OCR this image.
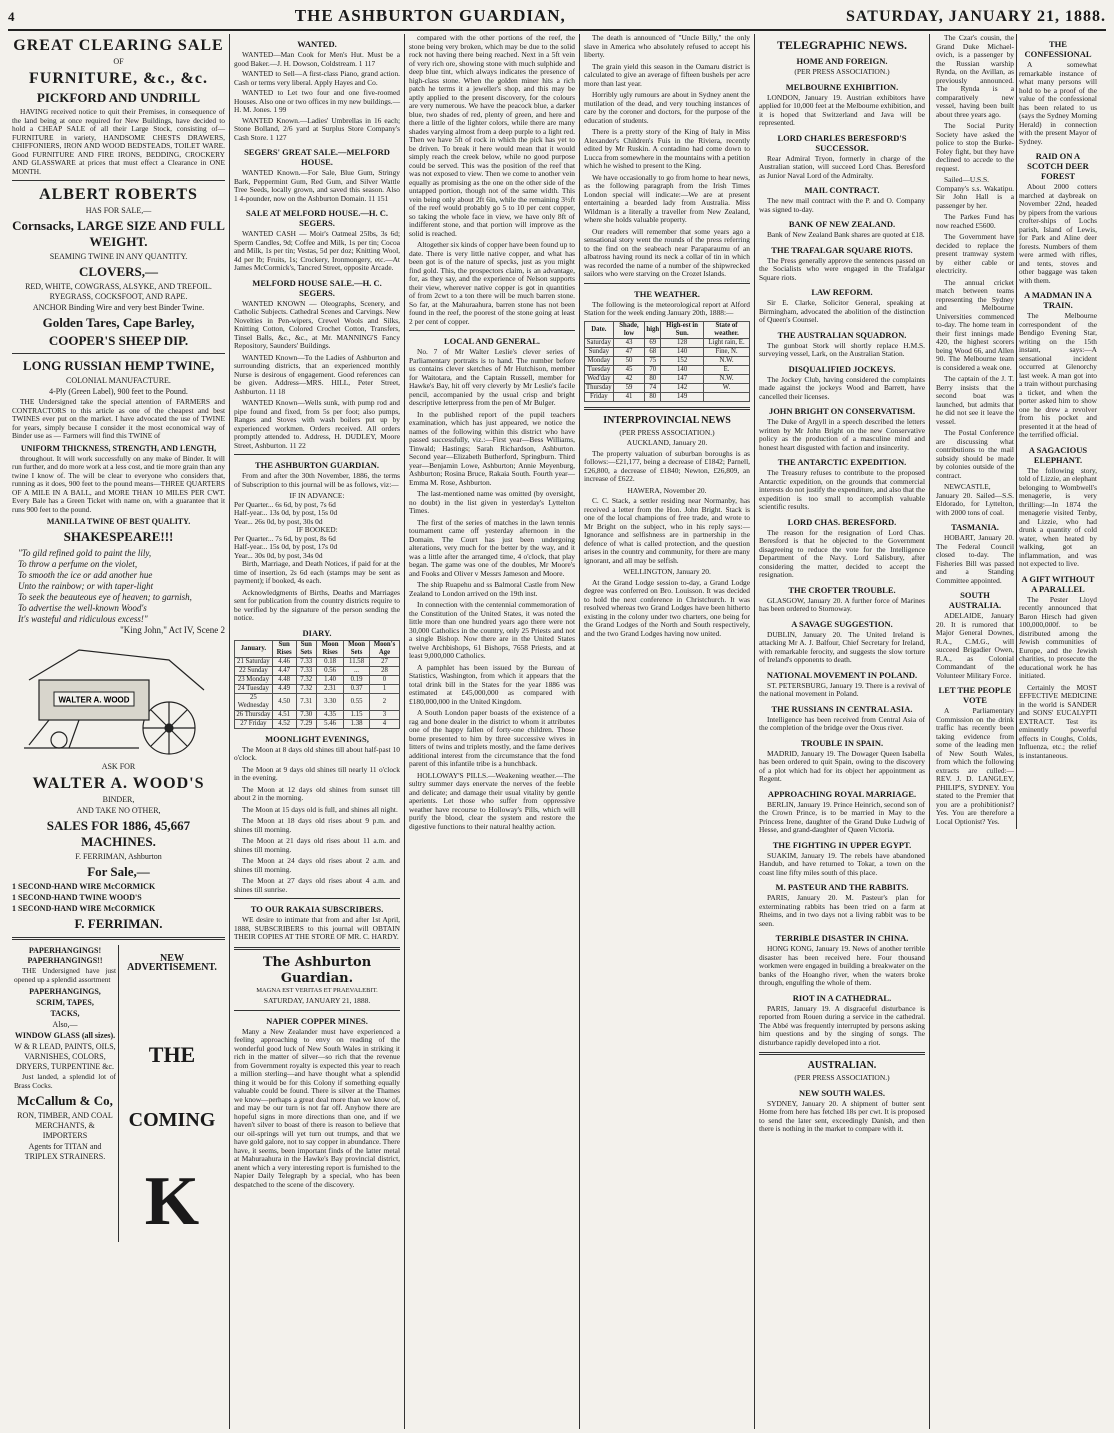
4	THE ASHBURTON GUARDIAN,	SATURDAY, JANUARY 21, 1888.
GREAT CLEARING SALE
OF
FURNITURE, &c., &c.
PICKFORD AND UNDRILL

HAVING received notice to quit their Premises, in consequence of the land being at once required for New Buildings, have decided to hold a CHEAP SALE of all their Large Stock, consisting of— FURNITURE in variety, HANDSOME CHESTS DRAWERS, CHIFFONIERS, IRON AND WOOD BEDSTEADS, TOILET WARE. Good FURNITURE AND FIRE IRONS, BEDDING, CROCKERY AND GLASSWARE at prices that must effect a Clearance in ONE MONTH.

ALBERT ROBERTS
HAS FOR SALE,—
Cornsacks, LARGE SIZE AND FULL WEIGHT.
SEAMING TWINE IN ANY QUANTITY.
CLOVERS,—
RED, WHITE, COWGRASS, ALSYKE, AND TREFOIL. RYEGRASS, COCKSFOOT, AND RAPE.
ANCHOR Binding Wire and very best Binder Twine.
Golden Tares, Cape Barley,
COOPER'S SHEEP DIP.
LONG RUSSIAN HEMP TWINE,
COLONIAL MANUFACTURE.
4-Ply (Green Label), 900 feet to the Pound.

THE Undersigned take the special attention of FARMERS and CONTRACTORS to this article as one of the cheapest and best TWINES ever put on the market. I have advocated the use of TWINE for years, simply because I consider it the most economical way of Binder use as — Farmers will find this TWINE of

UNIFORM THICKNESS, STRENGTH, AND LENGTH,

throughout. It will work successfully on any make of Binder. It will run further, and do more work at a less cost, and tie more grain than any twine I know of. The will be clear to everyone who considers that, running as it does, 900 feet to the pound means—THREE QUARTERS OF A MILE IN A BALL, and MORE THAN 10 MILES PER CWT. Every Bale has a Green Ticket with name on, with a guarantee that it runs 900 feet to the pound.

MANILLA TWINE OF BEST QUALITY.
SHAKESPEARE!!!
"To gild refined gold to paint the lily,
To throw a perfume on the violet,
To smooth the ice or add another hue
Unto the rainbow; or with taper-light
To seek the beauteous eye of heaven; to garnish,
To advertise the well-known Wood's
It's wasteful and ridiculous excess!"
"King John," Act IV, Scene 2
WALTER A. WOOD
ASK FOR
WALTER A. WOOD'S
BINDER,
AND TAKE NO OTHER,
SALES FOR 1886, 45,667 MACHINES.
F. FERRIMAN, Ashburton
For Sale,—
1 SECOND-HAND WIRE McCORMICK
1 SECOND-HAND TWINE WOOD'S
1 SECOND-HAND WIRE McCORMICK
F. FERRIMAN.
PAPERHANGINGS! PAPERHANGINGS!!

THE Undersigned have just opened up a splendid assortment

PAPERHANGINGS,
SCRIM, TAPES,
TACKS,
Also,—
WINDOW GLASS (all sizes).
W & R LEAD, PAINTS, OILS, VARNISHES, COLORS, DRYERS, TURPENTINE &c.

Just landed, a splendid lot of Brass Cocks.

McCallum & Co,
RON, TIMBER, AND COAL MERCHANTS, & IMPORTERS
Agents for TITAN and TRIPLEX STRAINERS.
NEW ADVERTISEMENT.
THE
COMING
K
WANTED.

WANTED—Man Cook for Men's Hut. Must be a good Baker.—J. H. Dowson, Coldstream. 1 117

WANTED to Sell—A first-class Piano, grand action. Cash or terms very liberal. Apply Hayes and Co.

WANTED to Let two four and one five-roomed Houses. Also one or two offices in my new buildings.—H. M. Jones. 1 99

WANTED Known.—Ladies' Umbrellas in 16 each; Stone Bolland, 2/6 yard at Surplus Store Company's Cash Store. 1 127

SEGERS' GREAT SALE.—MELFORD HOUSE.

WANTED Known.—For Sale, Blue Gum, Stringy Bark, Peppermint Gum, Red Gum, and Silver Wattle Tree Seeds, locally grown, and saved this season. Also 1 4-pounder, now on the Ashburton Domain. 11 151

SALE AT MELFORD HOUSE.—H. C. SEGERS.

WANTED CASH — Moir's Oatmeal 25lbs, 3s 6d; Sperm Candles, 9d; Coffee and Milk, 1s per tin; Cocoa and Milk, 1s per tin; Vestas, 5d per doz; Knitting Wool, 4d per lb; Fruits, 1s; Crockery, Ironmongery, etc.—At James McCormick's, Tancred Street, opposite Arcade.

MELFORD HOUSE SALE.—H. C. SEGERS.

WANTED KNOWN — Oleographs, Scenery, and Catholic Subjects. Cathedral Scenes and Carvings. New Novelties in Pen-wipers, Crewel Wools and Silks, Knitting Cotton, Colored Crochet Cotton, Transfers, Tinsel Balls, &c., &c., at Mr. MANNING'S Fancy Repository, Saunders' Buildings.

WANTED Known—To the Ladies of Ashburton and surrounding districts, that an experienced monthly Nurse is desirous of engagement. Good references can be given. Address—MRS. HILL, Peter Street, Ashburton. 11 18

WANTED Known—Wells sunk, with pump rod and pipe found and fixed, from 5s per foot; also pumps, Ranges and Stoves with wash boilers put up by experienced workmen. Orders received. All orders promptly attended to. Address, H. DUDLEY, Moore Street, Ashburton. 11 22

THE ASHBURTON GUARDIAN.

From and after the 30th November, 1886, the terms of Subscription to this journal will be as follows, viz:—

IF IN ADVANCE:
Per Quarter... 6s 6d, by post, 7s 6d
Half-year... 13s 0d, by post, 15s 0d
Year... 26s 0d, by post, 30s 0d
IF BOOKED:
Per Quarter... 7s 6d, by post, 8s 6d
Half-year... 15s 0d, by post, 17s 0d
Year... 30s 0d, by post, 34s 0d

Birth, Marriage, and Death Notices, if paid for at the time of insertion, 2s 6d each (stamps may be sent as payment); if booked, 4s each.

Acknowledgments of Births, Deaths and Marriages sent for publication from the country districts require to be verified by the signature of the person sending the notice.

DIARY.
January.	Sun Rises	Sun Sets	Moon Rises	Moon Sets	Moon's Age
21 Saturday	4.46	7.33	0.18	11.58	27
22 Sunday	4.47	7.33	0.56	...	28
23 Monday	4.48	7.32	1.40	0.19	0
24 Tuesday	4.49	7.32	2.31	0.37	1
25 Wednesday	4.50	7.31	3.30	0.55	2
26 Thursday	4.51	7.30	4.35	1.15	3
27 Friday	4.52	7.29	5.46	1.38	4
MOONLIGHT EVENINGS,

The Moon at 8 days old shines till about half-past 10 o'clock.

The Moon at 9 days old shines till nearly 11 o'clock in the evening.

The Moon at 12 days old shines from sunset till about 2 in the morning.

The Moon at 15 days old is full, and shines all night.

The Moon at 18 days old rises about 9 p.m. and shines till morning.

The Moon at 21 days old rises about 11 a.m. and shines till morning.

The Moon at 24 days old rises about 2 a.m. and shines till morning.

The Moon at 27 days old rises about 4 a.m. and shines till sunrise.

TO OUR RAKAIA SUBSCRIBERS.

WE desire to intimate that from and after 1st April, 1888, SUBSCRIBERS to this journal will OBTAIN THEIR COPIES AT THE STORE OF MR. C. HARDY.

The Ashburton Guardian.
MAGNA EST VERITAS ET PRAEVALEBIT.
SATURDAY, JANUARY 21, 1888.
NAPIER COPPER MINES.

Many a New Zealander must have experienced a feeling approaching to envy on reading of the wonderful good luck of New South Wales in striking it rich in the matter of silver—so rich that the revenue from Government royalty is expected this year to reach a million sterling—and have thought what a splendid thing it would be for this Colony if something equally valuable could be found. There is silver at the Thames we know—perhaps a great deal more than we know of, and may be our turn is not far off. Anyhow there are hopeful signs in more directions than one, and if we haven't silver to boast of there is reason to believe that our oil-springs will yet turn out trumps, and that we have gold galore, not to say copper in abundance. There have, it seems, been important finds of the latter metal at Mahuraahura in the Hawke's Bay provincial district, anent which a very interesting report is furnished to the Napier Daily Telegraph by a special, who has been despatched to the scene of the discovery.

compared with the other portions of the reef, the stone being very broken, which may be due to the solid rock not having there being reached. Next in a 5ft vein of very rich ore, showing stone with much sulphide and deep blue tint, which always indicates the presence of high-class stone. When the golden miner hits a rich patch he terms it a jeweller's shop, and this may be aptly applied to the present discovery, for the colours are very numerous. We have the peacock blue, a darker blue, two shades of red, plenty of green, and here and there a little of the lighter colors, while there are many shades varying almost from a deep purple to a light red. Then we have 5ft of rock in which the pick has yet to be driven. To break it here would mean that it would simply reach the creek below, while no good purpose could be served. This was the position of the reef that was not exposed to view. Then we come to another vein equally as promising as the one on the other side of the untapped portion, though not of the same width. This vein being only about 2ft 6in, while the remaining 3½ft of the reef would probably go 5 to 10 per cent copper, so taking the whole face in view, we have only 8ft of indifferent stone, and that portion will improve as the solid is reached.

Altogether six kinds of copper have been found up to date. There is very little native copper, and what has been got is of the nature of specks, just as you might find gold. This, the prospectors claim, is an advantage, for, as they say, and the experience of Nelson supports their view, wherever native copper is got in quantities of from 2cwt to a ton there will be much barren stone. So far, at the Mahuraahura, barren stone has not been found in the reef, the poorest of the stone going at least 2 per cent of copper.

LOCAL AND GENERAL.

No. 7 of Mr Walter Leslie's clever series of Parliamentary portraits is to hand. The number before us contains clever sketches of Mr Hutchison, member for Waitotara, and the Captain Russell, member for Hawke's Bay, hit off very cleverly by Mr Leslie's facile pencil, accompanied by the usual crisp and bright descriptive letterpress from the pen of Mr Bulger.

In the published report of the pupil teachers examination, which has just appeared, we notice the names of the following within this district who have passed successfully, viz.:—First year—Bess Williams, Tinwald; Hastings; Sarah Richardson, Ashburton. Second year—Elizabeth Butherford, Springburn. Third year—Benjamin Lowe, Ashburton; Annie Meyenburg, Ashburton; Rosina Bruce, Rakaia South. Fourth year—Emma M. Rose, Ashburton.

The last-mentioned name was omitted (by oversight, no doubt) in the list given in yesterday's Lyttelton Times.

The first of the series of matches in the lawn tennis tournament came off yesterday afternoon in the Domain. The Court has just been undergoing alterations, very much for the better by the way, and it was a little after the arranged time, 4 o'clock, that play began. The game was one of the doubles, Mr Moore's and Fooks and Oliver v Messrs Jameson and Moore.

The ship Ruapehu and ss Balmoral Castle from New Zealand to London arrived on the 19th inst.

In connection with the centennial commemoration of the Constitution of the United States, it was noted the little more than one hundred years ago there were not 30,000 Catholics in the country, only 25 Priests and not a single Bishop. Now there are in the United States twelve Archbishops, 61 Bishops, 7658 Priests, and at least 9,000,000 Catholics.

A pamphlet has been issued by the Bureau of Statistics, Washington, from which it appears that the total drink bill in the States for the year 1886 was estimated at £45,000,000 as compared with £180,000,000 in the United Kingdom.

A South London paper boasts of the existence of a rag and bone dealer in the district to whom it attributes one of the happy fallen of forty-one children. Those borne presented to him by three successive wives in litters of twins and triplets mostly, and the fame derives additional interest from the circumstance that the fond parent of this infantile tribe is a hunchback.

HOLLOWAY'S PILLS.—Weakening weather.—The sultry summer days enervate the nerves of the feeble and delicate; and damage their usual vitality by gentle aperients. Let those who suffer from oppressive weather have recourse to Holloway's Pills, which will purify the blood, clear the system and restore the digestive functions to their natural healthy action.

The death is announced of "Uncle Billy," the only slave in America who absolutely refused to accept his liberty.

The grain yield this season in the Oamaru district is calculated to give an average of fifteen bushels per acre more than last year.

Horribly ugly rumours are about in Sydney anent the mutilation of the dead, and very touching instances of care by the coroner and doctors, for the purpose of the education of students.

There is a pretty story of the King of Italy in Miss Alexander's Children's Fuis in the Riviera, recently edited by Mr Ruskin. A contadino had come down to Lucca from somewhere in the mountains with a petition which he wished to present to the King.

We have occasionally to go from home to hear news, as the following paragraph from the Irish Times London special will indicate:—We are at present entertaining a bearded lady from Australia. Miss Wildman is a literally a traveller from New Zealand, where she holds valuable property.

Our readers will remember that some years ago a sensational story went the rounds of the press referring to the find on the seabeach near Paraparaumu of an albatross having round its neck a collar of tin in which was recorded the name of a number of the shipwrecked sailors who were starving on the Crozet Islands.

THE WEATHER.

The following is the meteorological report at Alford Station for the week ending January 20th, 1888:—

Date.	Shade, low	high	High-est in Sun.	State of weather.
Saturday	43	69	128	Light rain, E.
Sunday	47	68	140	Fine, N.
Monday	50	75	152	N.W.
Tuesday	45	70	140	E.
Wed'day	42	80	147	N.W.
Thursday	59	74	142	W.
Friday	41	80	149	
INTERPROVINCIAL NEWS
(PER PRESS ASSOCIATION.)
AUCKLAND, January 20.

The property valuation of suburban boroughs is as follows:—£21,177, being a decrease of £1842; Parnell, £26,800, a decrease of £1840; Newton, £26,809, an increase of £622.

HAWERA, November 20.

C. C. Stack, a settler residing near Normanby, has received a letter from the Hon. John Bright. Stack is one of the local champions of free trade, and wrote to Mr Bright on the subject, who in his reply says:—Ignorance and selfishness are in partnership in the defence of what is called protection, and the question arises in the country and community, for there are many ignorant, and all may be selfish.

WELLINGTON, January 20.

At the Grand Lodge session to-day, a Grand Lodge degree was conferred on Bro. Louisson. It was decided to hold the next conference in Christchurch. It was resolved whereas two Grand Lodges have been hitherto existing in the colony under two charters, one being for the Grand Lodges of the North and South respectively, and the two Grand Lodges having now united.

TELEGRAPHIC NEWS.
HOME AND FOREIGN.
(PER PRESS ASSOCIATION.)
MELBOURNE EXHIBITION.

LONDON, January 19. Austrian exhibitors have applied for 10,000 feet at the Melbourne exhibition, and it is hoped that Switzerland and Java will be represented.

LORD CHARLES BERESFORD'S SUCCESSOR.

Rear Admiral Tryon, formerly in charge of the Australian station, will succeed Lord Chas. Beresford as Junior Naval Lord of the Admiralty.

MAIL CONTRACT.

The new mail contract with the P. and O. Company was signed to-day.

BANK OF NEW ZEALAND.

Bank of New Zealand Bank shares are quoted at £18.

THE TRAFALGAR SQUARE RIOTS.

The Press generally approve the sentences passed on the Socialists who were engaged in the Trafalgar Square riots.

LAW REFORM.

Sir E. Clarke, Solicitor General, speaking at Birmingham, advocated the abolition of the distinction of Queen's Counsel.

THE AUSTRALIAN SQUADRON.

The gunboat Stork will shortly replace H.M.S. surveying vessel, Lark, on the Australian Station.

DISQUALIFIED JOCKEYS.

The Jockey Club, having considered the complaints made against the jockeys Wood and Barrett, have cancelled their licenses.

JOHN BRIGHT ON CONSERVATISM.

The Duke of Argyll in a speech described the letters written by Mr John Bright on the new Conservative policy as the production of a masculine mind and honest heart disgusted with faction and insincerity.

THE ANTARCTIC EXPEDITION.

The Treasury refuses to contribute to the proposed Antarctic expedition, on the grounds that commercial interests do not justify the expenditure, and also that the expedition is too small to accomplish valuable scientific results.

LORD CHAS. BERESFORD.

The reason for the resignation of Lord Chas. Beresford is that he objected to the Government disagreeing to reduce the vote for the Intelligence Department of the Navy. Lord Salisbury, after considering the matter, decided to accept the resignation.

THE CROFTER TROUBLE.

GLASGOW, January 20. A further force of Marines has been ordered to Stornoway.

A SAVAGE SUGGESTION.

DUBLIN, January 20. The United Ireland is attacking Mr A. J. Balfour, Chief Secretary for Ireland, with remarkable ferocity, and suggests the slow torture of Ireland's opponents to death.

NATIONAL MOVEMENT IN POLAND.

ST. PETERSBURG, January 19. There is a revival of the national movement in Poland.

THE RUSSIANS IN CENTRAL ASIA.

Intelligence has been received from Central Asia of the completion of the bridge over the Oxus river.

TROUBLE IN SPAIN.

MADRID, January 19. The Dowager Queen Isabella has been ordered to quit Spain, owing to the discovery of a plot which had for its object her appointment as Regent.

APPROACHING ROYAL MARRIAGE.

BERLIN, January 19. Prince Heinrich, second son of the Crown Prince, is to be married in May to the Princess Irene, daughter of the Grand Duke Ludwig of Hesse, and grand-daughter of Queen Victoria.

THE FIGHTING IN UPPER EGYPT.

SUAKIM, January 19. The rebels have abandoned Handub, and have returned to Tokar, a town on the coast line fifty miles south of this place.

M. PASTEUR AND THE RABBITS.

PARIS, January 20. M. Pasteur's plan for exterminating rabbits has been tried on a farm at Rheims, and in two days not a living rabbit was to be seen.

TERRIBLE DISASTER IN CHINA.

HONG KONG, January 19. News of another terrible disaster has been received here. Four thousand workmen were engaged in building a breakwater on the banks of the Hoangho river, when the waters broke through, engulfing the whole of them.

RIOT IN A CATHEDRAL.

PARIS, January 19. A disgraceful disturbance is reported from Rouen during a service in the cathedral. The Abbé was frequently interrupted by persons asking him questions and by the singing of songs. The disturbance rapidly developed into a riot.

AUSTRALIAN.
(PER PRESS ASSOCIATION.)
NEW SOUTH WALES.

SYDNEY, January 20. A shipment of butter sent Home from here has fetched 18s per cwt. It is proposed to send the later sent, exceedingly Danish, and then there is nothing in the market to compare with it.

The Czar's cousin, the Grand Duke Michael-ovich, is a passenger by the Russian warship Rynda, on the Avillan, as previously announced. The Rynda is a comparatively new vessel, having been built about three years ago.

The Social Purity Society have asked the police to stop the Burke-Foley fight, but they have declined to accede to the request.

Sailed—U.S.S. Company's s.s. Wakatipu. Sir John Hall is a passenger by her.

The Parkes Fund has now reached £5600.

The Government have decided to replace the present tramway system by either cable or electricity.

The annual cricket match between teams representing the Sydney and Melbourne Universities commenced to-day. The home team in their first innings made 420, the highest scorers being Wood 66, and Allen 90. The Melbourne team is considered a weak one.

The captain of the J. T. Berry insists that the second boat was launched, but admits that he did not see it leave the vessel.

The Postal Conference are discussing what contributions to the mail subsidy should be made by colonies outside of the contract.

NEWCASTLE, January 20. Sailed—S.S. Eldorado, for Lyttelton, with 2000 tons of coal.

TASMANIA.

HOBART, January 20. The Federal Council closed to-day. The Fisheries Bill was passed and a Standing Committee appointed.

SOUTH AUSTRALIA.

ADELAIDE, January 20. It is rumored that Major General Downes, R.A., C.M.G., will succeed Brigadier Owen, R.A., as Colonial Commandant of the Volunteer Military Force.

LET THE PEOPLE VOTE

A Parliamentary Commission on the drink traffic has recently been taking evidence from some of the leading men of New South Wales, from which the following extracts are culled:— REV. J. D. LANGLEY, PHILIP'S, SYDNEY. You stated to the Premier that you are a prohibitionist? Yes. You are therefore a Local Optionist? Yes.

THE CONFESSIONAL

A somewhat remarkable instance of what many persons will hold to be a proof of the value of the confessional has been related to us (says the Sydney Morning Herald) in connection with the present Mayor of Sydney.

RAID ON A SCOTCH DEER FOREST

About 2000 cotters marched at daybreak on November 22nd, headed by pipers from the various crofter-ships of Lochs parish, Island of Lewis, for Park and Aline deer forests. Numbers of them were armed with rifles, and tents, stoves and other baggage was taken with them.

A MADMAN IN A TRAIN.

The Melbourne correspondent of the Bendigo Evening Star, writing on the 15th instant, says:—A sensational incident occurred at Glenorchy last week. A man got into a train without purchasing a ticket, and when the porter asked him to show one he drew a revolver from his pocket and presented it at the head of the terrified official.

A SAGACIOUS ELEPHANT.

The following story, told of Lizzie, an elephant belonging to Wombwell's menagerie, is very thrilling:—In 1874 the menagerie visited Tenby, and Lizzie, who had drunk a quantity of cold water, when heated by walking, got an inflammation, and was not expected to live.

A GIFT WITHOUT A PARALLEL

The Pester Lloyd recently announced that Baron Hirsch had given 100,000,000f. to be distributed among the Jewish communities of Europe, and the Jewish charities, to prosecute the educational work he has initiated.

Certainly the MOST EFFECTIVE MEDICINE in the world is SANDER and SONS' EUCALYPTI EXTRACT. Test its eminently powerful effects in Coughs, Colds, Influenza, etc.; the relief is instantaneous.
